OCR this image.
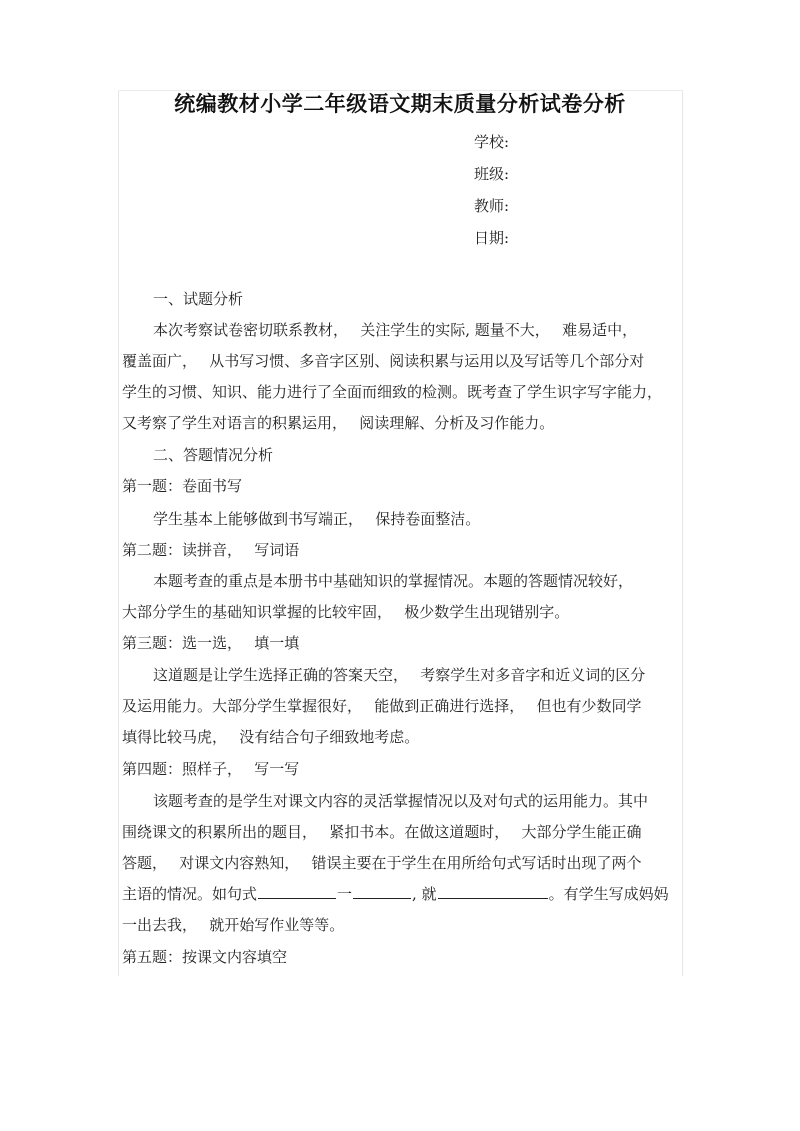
统编教材小学二年级语文期末质量分析试卷分析
学校:
班级:
教师:
日期:
一、试题分析
本次考察试卷密切联系教材，　 关注学生的实际, 题量不大，　 难易适中，
覆盖面广，　 从书写习惯、多音字区别、阅读积累与运用以及写话等几个部分对
学生的习惯、知识、能力进行了全面而细致的检测。既考查了学生识字写字能力，
又考察了学生对语言的积累运用，　 阅读理解、分析及习作能力。
二、答题情况分析
第一题：卷面书写
学生基本上能够做到书写端正，　 保持卷面整洁。
第二题：读拼音，　 写词语
本题考查的重点是本册书中基础知识的掌握情况。本题的答题情况较好，
大部分学生的基础知识掌握的比较牢固，　 极少数学生出现错别字。
第三题：选一选，　 填一填
这道题是让学生选择正确的答案天空，　 考察学生对多音字和近义词的区分
及运用能力。大部分学生掌握很好，　 能做到正确进行选择，　 但也有少数同学
填得比较马虎，　 没有结合句子细致地考虑。
第四题：照样子，　 写一写
该题考查的是学生对课文内容的灵活掌握情况以及对句式的运用能力。其中
围绕课文的积累所出的题目，　 紧扣书本。在做这道题时，　 大部分学生能正确
答题，　 对课文内容熟知，　 错误主要在于学生在用所给句式写话时出现了两个
主语的情况。如句式	一	, 就	。有学生写成妈妈
一出去我，　 就开始写作业等等。
第五题：按课文内容填空
